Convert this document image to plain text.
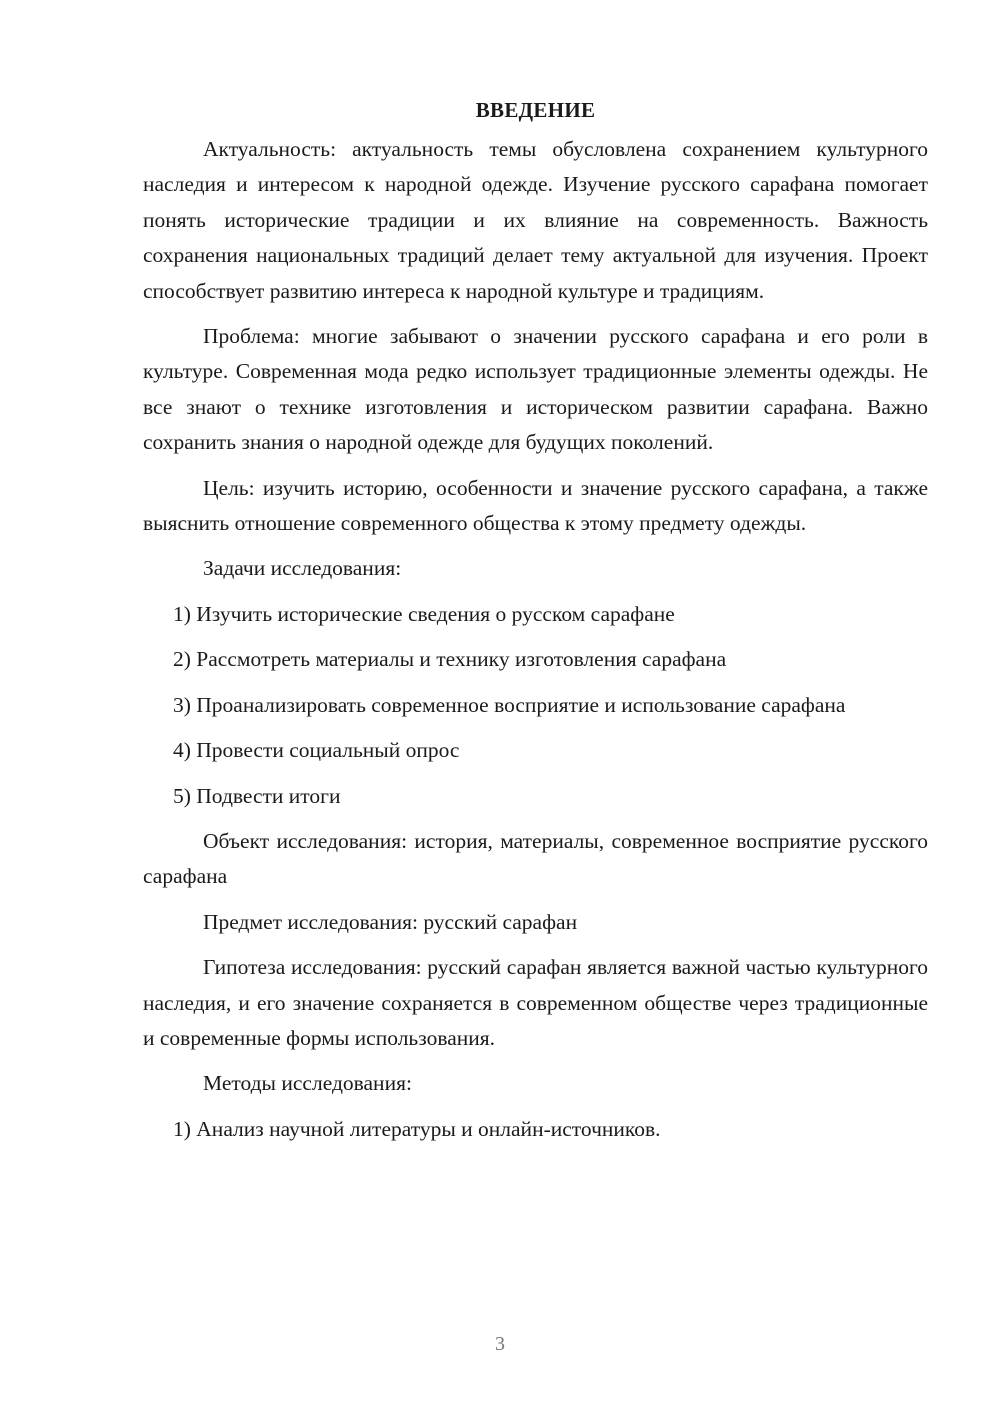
ВВЕДЕНИЕ

Актуальность: актуальность темы обусловлена сохранением культурного наследия и интересом к народной одежде. Изучение русского сарафана помогает понять исторические традиции и их влияние на современность. Важность сохранения национальных традиций делает тему актуальной для изучения. Проект способствует развитию интереса к народной культуре и традициям.

Проблема: многие забывают о значении русского сарафана и его роли в культуре. Современная мода редко использует традиционные элементы одежды. Не все знают о технике изготовления и историческом развитии сарафана. Важно сохранить знания о народной одежде для будущих поколений.

Цель: изучить историю, особенности и значение русского сарафана, а также выяснить отношение современного общества к этому предмету одежды.

Задачи исследования:

1) Изучить исторические сведения о русском сарафане

2) Рассмотреть материалы и технику изготовления сарафана

3) Проанализировать современное восприятие и использование сарафана

4) Провести социальный опрос

5) Подвести итоги

Объект исследования: история, материалы, современное восприятие русского сарафана

Предмет исследования: русский сарафан

Гипотеза исследования: русский сарафан является важной частью культурного наследия, и его значение сохраняется в современном обществе через традиционные и современные формы использования.

Методы исследования:

1) Анализ научной литературы и онлайн-источников.

3
